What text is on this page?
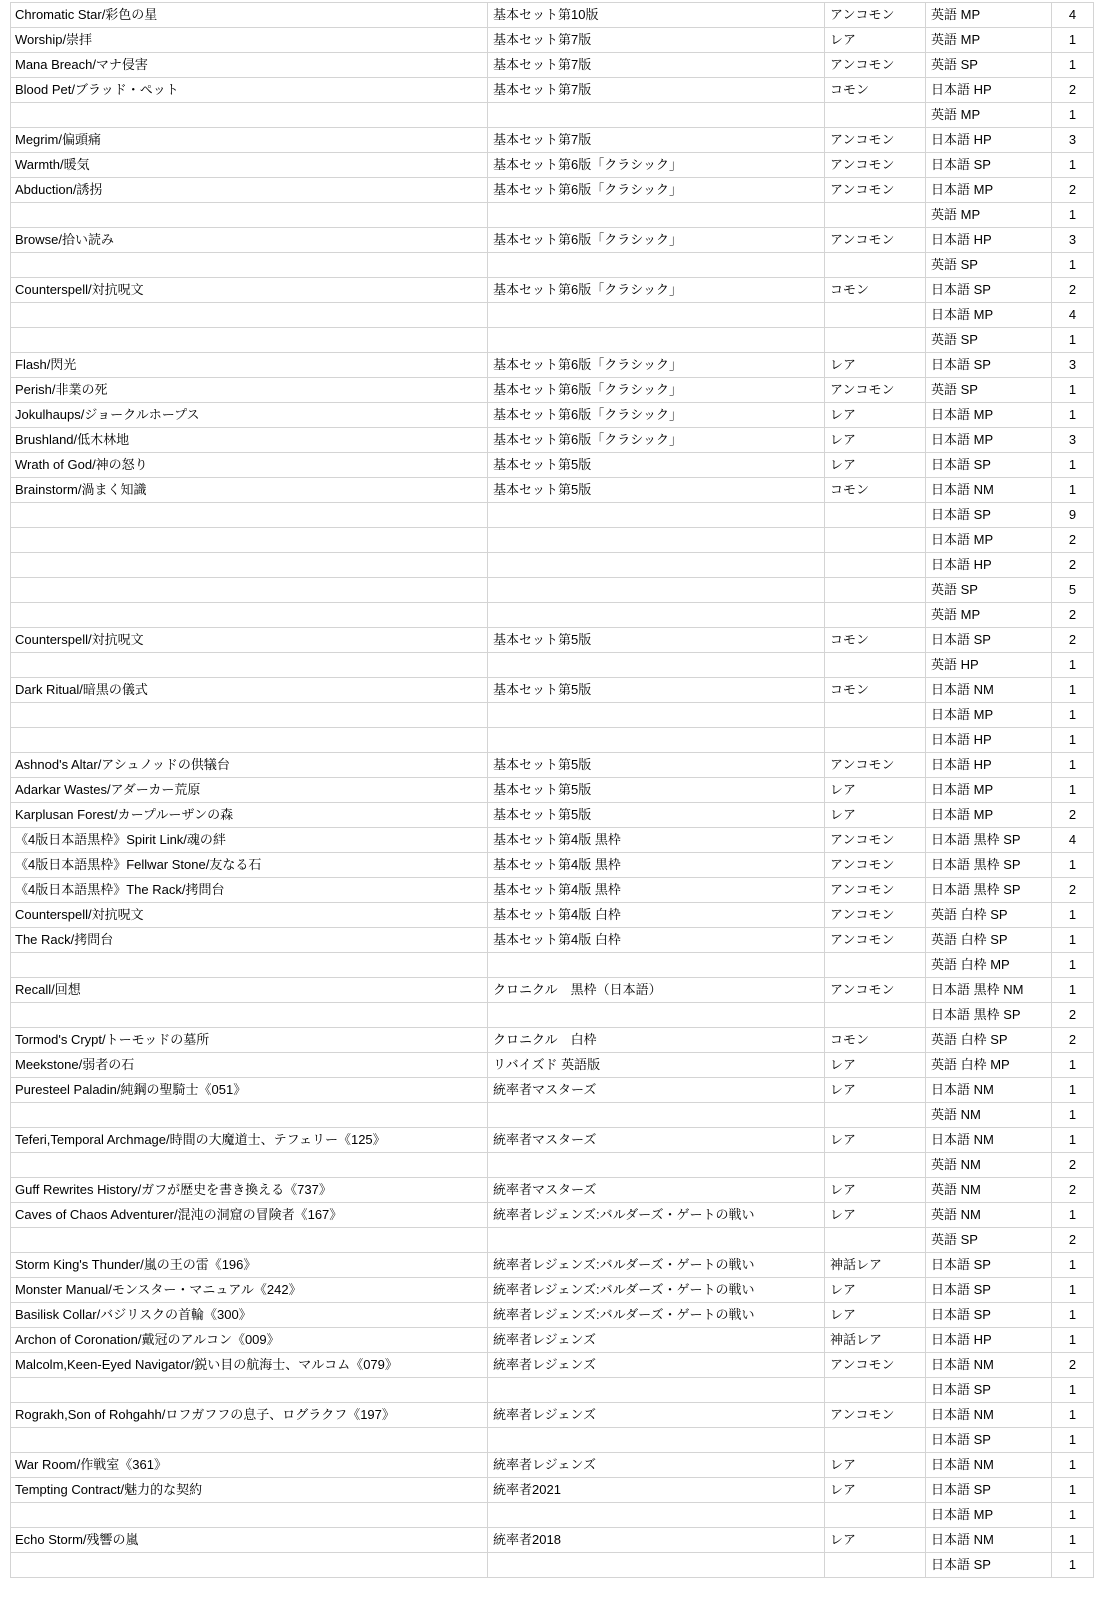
Chromatic Star/彩色の星	基本セット第10版	アンコモン	英語 MP	4
Worship/崇拝	基本セット第7版	レア	英語 MP	1
Mana Breach/マナ侵害	基本セット第7版	アンコモン	英語 SP	1
Blood Pet/ブラッド・ペット	基本セット第7版	コモン	日本語 HP	2
			英語 MP	1
Megrim/偏頭痛	基本セット第7版	アンコモン	日本語 HP	3
Warmth/暖気	基本セット第6版「クラシック」	アンコモン	日本語 SP	1
Abduction/誘拐	基本セット第6版「クラシック」	アンコモン	日本語 MP	2
			英語 MP	1
Browse/拾い読み	基本セット第6版「クラシック」	アンコモン	日本語 HP	3
			英語 SP	1
Counterspell/対抗呪文	基本セット第6版「クラシック」	コモン	日本語 SP	2
			日本語 MP	4
			英語 SP	1
Flash/閃光	基本セット第6版「クラシック」	レア	日本語 SP	3
Perish/非業の死	基本セット第6版「クラシック」	アンコモン	英語 SP	1
Jokulhaups/ジョークルホープス	基本セット第6版「クラシック」	レア	日本語 MP	1
Brushland/低木林地	基本セット第6版「クラシック」	レア	日本語 MP	3
Wrath of God/神の怒り	基本セット第5版	レア	日本語 SP	1
Brainstorm/渦まく知識	基本セット第5版	コモン	日本語 NM	1
			日本語 SP	9
			日本語 MP	2
			日本語 HP	2
			英語 SP	5
			英語 MP	2
Counterspell/対抗呪文	基本セット第5版	コモン	日本語 SP	2
			英語 HP	1
Dark Ritual/暗黒の儀式	基本セット第5版	コモン	日本語 NM	1
			日本語 MP	1
			日本語 HP	1
Ashnod's Altar/アシュノッドの供犠台	基本セット第5版	アンコモン	日本語 HP	1
Adarkar Wastes/アダーカー荒原	基本セット第5版	レア	日本語 MP	1
Karplusan Forest/カープルーザンの森	基本セット第5版	レア	日本語 MP	2
《4版日本語黒枠》Spirit Link/魂の絆	基本セット第4版 黒枠	アンコモン	日本語 黒枠 SP	4
《4版日本語黒枠》Fellwar Stone/友なる石	基本セット第4版 黒枠	アンコモン	日本語 黒枠 SP	1
《4版日本語黒枠》The Rack/拷問台	基本セット第4版 黒枠	アンコモン	日本語 黒枠 SP	2
Counterspell/対抗呪文	基本セット第4版 白枠	アンコモン	英語 白枠 SP	1
The Rack/拷問台	基本セット第4版 白枠	アンコモン	英語 白枠 SP	1
			英語 白枠 MP	1
Recall/回想	クロニクル　黒枠（日本語）	アンコモン	日本語 黒枠 NM	1
			日本語 黒枠 SP	2
Tormod's Crypt/トーモッドの墓所	クロニクル　白枠	コモン	英語 白枠 SP	2
Meekstone/弱者の石	リバイズド 英語版	レア	英語 白枠 MP	1
Puresteel Paladin/純鋼の聖騎士《051》	統率者マスターズ	レア	日本語 NM	1
			英語 NM	1
Teferi,Temporal Archmage/時間の大魔道士、テフェリー《125》	統率者マスターズ	レア	日本語 NM	1
			英語 NM	2
Guff Rewrites History/ガフが歴史を書き換える《737》	統率者マスターズ	レア	英語 NM	2
Caves of Chaos Adventurer/混沌の洞窟の冒険者《167》	統率者レジェンズ:バルダーズ・ゲートの戦い	レア	英語 NM	1
			英語 SP	2
Storm King's Thunder/嵐の王の雷《196》	統率者レジェンズ:バルダーズ・ゲートの戦い	神話レア	日本語 SP	1
Monster Manual/モンスター・マニュアル《242》	統率者レジェンズ:バルダーズ・ゲートの戦い	レア	日本語 SP	1
Basilisk Collar/バジリスクの首輪《300》	統率者レジェンズ:バルダーズ・ゲートの戦い	レア	日本語 SP	1
Archon of Coronation/戴冠のアルコン《009》	統率者レジェンズ	神話レア	日本語 HP	1
Malcolm,Keen-Eyed Navigator/鋭い目の航海士、マルコム《079》	統率者レジェンズ	アンコモン	日本語 NM	2
			日本語 SP	1
Rograkh,Son of Rohgahh/ロフガフフの息子、ログラクフ《197》	統率者レジェンズ	アンコモン	日本語 NM	1
			日本語 SP	1
War Room/作戦室《361》	統率者レジェンズ	レア	日本語 NM	1
Tempting Contract/魅力的な契約	統率者2021	レア	日本語 SP	1
			日本語 MP	1
Echo Storm/残響の嵐	統率者2018	レア	日本語 NM	1
			日本語 SP	1
